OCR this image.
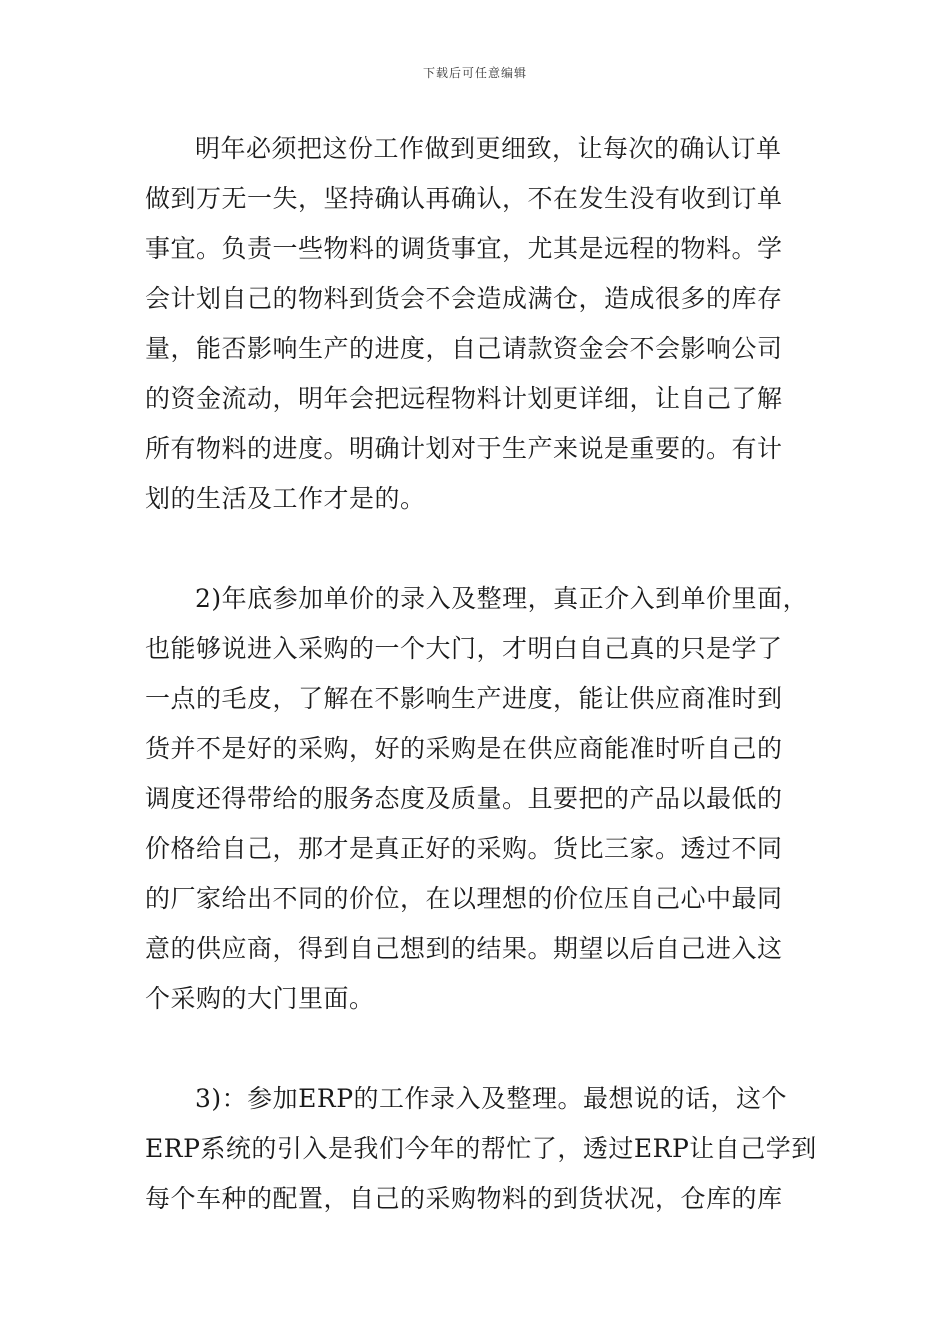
下载后可任意编辑
明年必须把这份工作做到更细致，让每次的确认订单
做到万无一失，坚持确认再确认，不在发生没有收到订单
事宜。负责一些物料的调货事宜，尤其是远程的物料。学
会计划自己的物料到货会不会造成满仓，造成很多的库存
量，能否影响生产的进度，自己请款资金会不会影响公司
的资金流动，明年会把远程物料计划更详细，让自己了解
所有物料的进度。明确计划对于生产来说是重要的。有计
划的生活及工作才是的。
2)年底参加单价的录入及整理，真正介入到单价里面，
也能够说进入采购的一个大门，才明白自己真的只是学了
一点的毛皮，了解在不影响生产进度，能让供应商准时到
货并不是好的采购，好的采购是在供应商能准时听自己的
调度还得带给的服务态度及质量。且要把的产品以最低的
价格给自己，那才是真正好的采购。货比三家。透过不同
的厂家给出不同的价位，在以理想的价位压自己心中最同
意的供应商，得到自己想到的结果。期望以后自己进入这
个采购的大门里面。
3)：参加ERP的工作录入及整理。最想说的话，这个
ERP系统的引入是我们今年的帮忙了，透过ERP让自己学到
每个车种的配置，自己的采购物料的到货状况，仓库的库
